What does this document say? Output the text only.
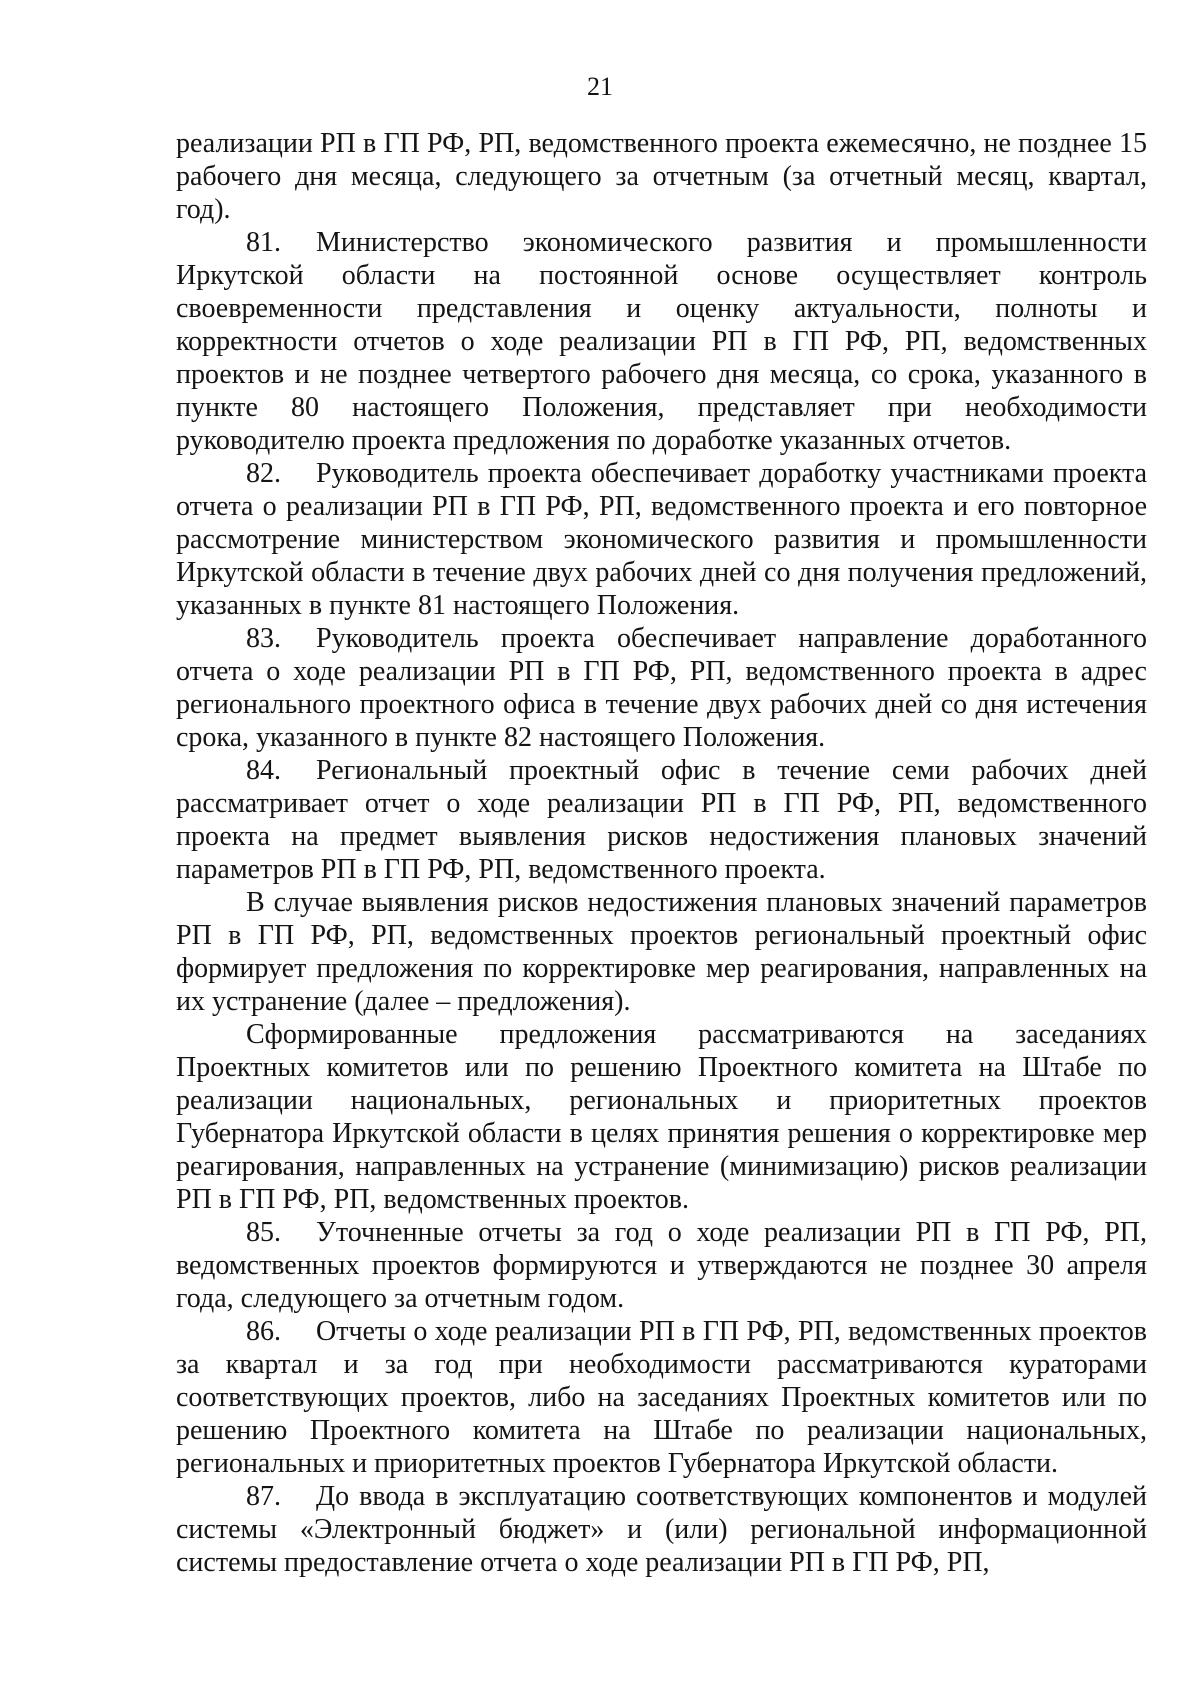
21

реализации РП в ГП РФ, РП, ведомственного проекта ежемесячно, не позднее 15 рабочего дня месяца, следующего за отчетным (за отчетный месяц, квартал, год).

81. Министерство экономического развития и промышленности Иркутской области на постоянной основе осуществляет контроль своевременности представления и оценку актуальности, полноты и корректности отчетов о ходе реализации РП в ГП РФ, РП, ведомственных проектов и не позднее четвертого рабочего дня месяца, со срока, указанного в пункте 80 настоящего Положения, представляет при необходимости руководителю проекта предложения по доработке указанных отчетов.

82. Руководитель проекта обеспечивает доработку участниками проекта отчета о реализации РП в ГП РФ, РП, ведомственного проекта и его повторное рассмотрение министерством экономического развития и промышленности Иркутской области в течение двух рабочих дней со дня получения предложений, указанных в пункте 81 настоящего Положения.

83. Руководитель проекта обеспечивает направление доработанного отчета о ходе реализации РП в ГП РФ, РП, ведомственного проекта в адрес регионального проектного офиса в течение двух рабочих дней со дня истечения срока, указанного в пункте 82 настоящего Положения.

84. Региональный проектный офис в течение семи рабочих дней рассматривает отчет о ходе реализации РП в ГП РФ, РП, ведомственного проекта на предмет выявления рисков недостижения плановых значений параметров РП в ГП РФ, РП, ведомственного проекта.

В случае выявления рисков недостижения плановых значений параметров РП в ГП РФ, РП, ведомственных проектов региональный проектный офис формирует предложения по корректировке мер реагирования, направленных на их устранение (далее – предложения).

Сформированные предложения рассматриваются на заседаниях Проектных комитетов или по решению Проектного комитета на Штабе по реализации национальных, региональных и приоритетных проектов Губернатора Иркутской области в целях принятия решения о корректировке мер реагирования, направленных на устранение (минимизацию) рисков реализации РП в ГП РФ, РП, ведомственных проектов.

85. Уточненные отчеты за год о ходе реализации РП в ГП РФ, РП, ведомственных проектов формируются и утверждаются не позднее 30 апреля года, следующего за отчетным годом.

86. Отчеты о ходе реализации РП в ГП РФ, РП, ведомственных проектов за квартал и за год при необходимости рассматриваются кураторами соответствующих проектов, либо на заседаниях Проектных комитетов или по решению Проектного комитета на Штабе по реализации национальных, региональных и приоритетных проектов Губернатора Иркутской области.

87. До ввода в эксплуатацию соответствующих компонентов и модулей системы «Электронный бюджет» и (или) региональной информационной системы предоставление отчета о ходе реализации РП в ГП РФ, РП,
